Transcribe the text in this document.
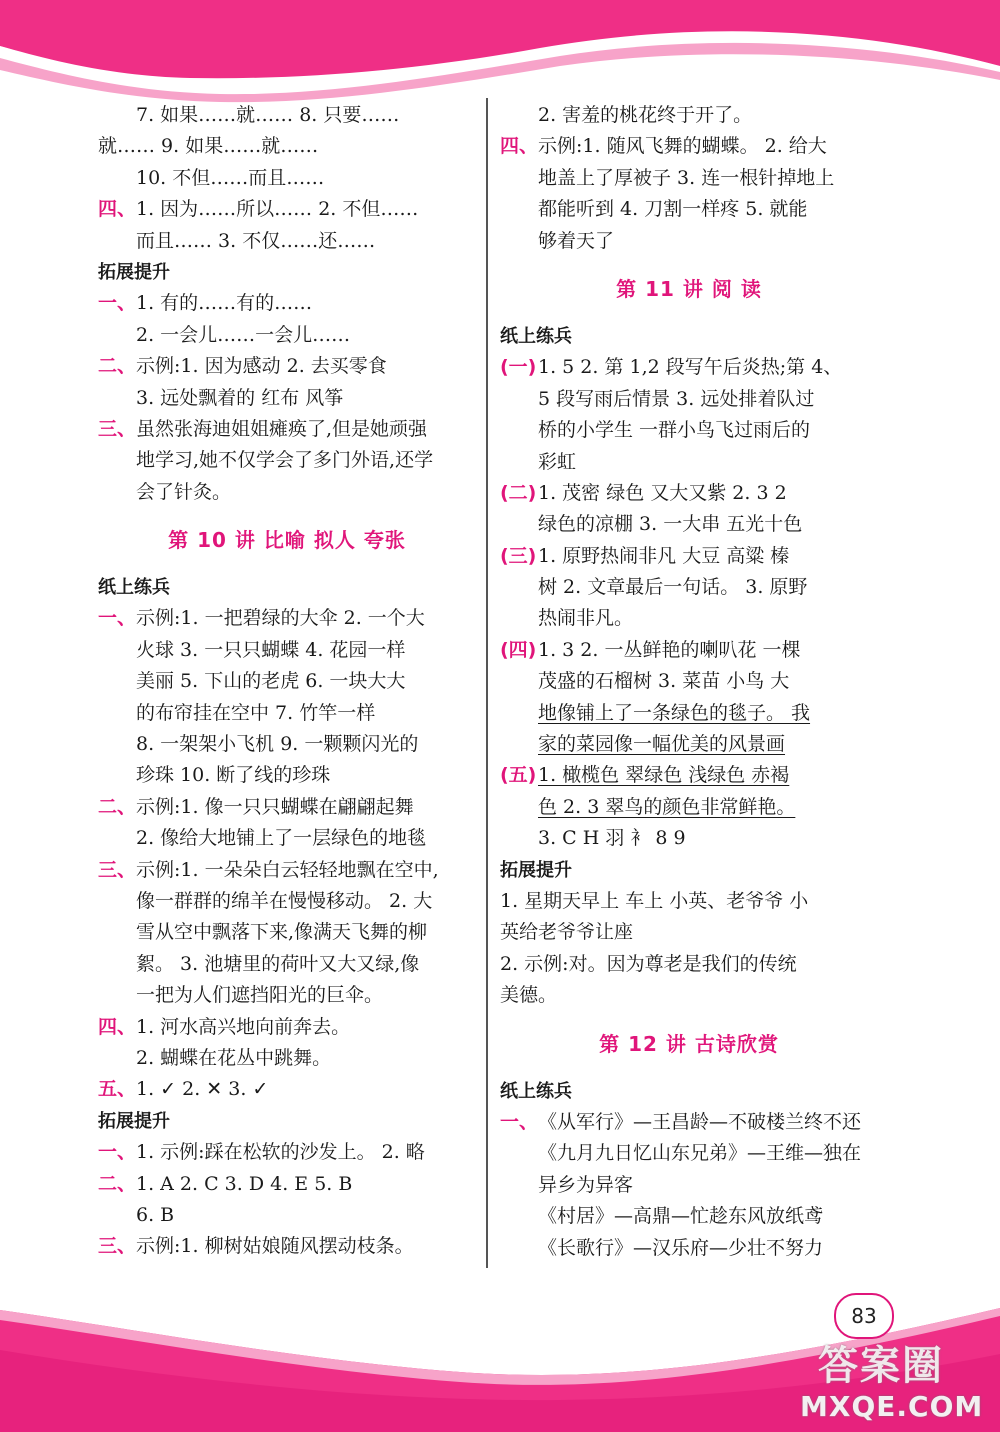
7. 如果……就…… 8. 只要……
就…… 9. 如果……就……
10. 不但……而且……
四、 1. 因为……所以…… 2. 不但……
而且…… 3. 不仅……还……
拓展提升
一、 1. 有的……有的……
2. 一会儿……一会儿……
二、 示例:1. 因为感动 2. 去买零食
3. 远处飘着的 红布 风筝
三、 虽然张海迪姐姐瘫痪了,但是她顽强
地学习,她不仅学会了多门外语,还学
会了针灸。
第 10 讲 比喻 拟人 夸张
纸上练兵
一、 示例:1. 一把碧绿的大伞 2. 一个大
火球 3. 一只只蝴蝶 4. 花园一样
美丽 5. 下山的老虎 6. 一块大大
的布帘挂在空中 7. 竹竿一样
8. 一架架小飞机 9. 一颗颗闪光的
珍珠 10. 断了线的珍珠
二、 示例:1. 像一只只蝴蝶在翩翩起舞
2. 像给大地铺上了一层绿色的地毯
三、 示例:1. 一朵朵白云轻轻地飘在空中,
像一群群的绵羊在慢慢移动。 2. 大
雪从空中飘落下来,像满天飞舞的柳
絮。 3. 池塘里的荷叶又大又绿,像
一把为人们遮挡阳光的巨伞。
四、 1. 河水高兴地向前奔去。
2. 蝴蝶在花丛中跳舞。
五、 1. ✓ 2. ✕ 3. ✓
拓展提升
一、 1. 示例:踩在松软的沙发上。 2. 略
二、 1. A 2. C 3. D 4. E 5. B
6. B
三、 示例:1. 柳树姑娘随风摆动枝条。
2. 害羞的桃花终于开了。
四、 示例:1. 随风飞舞的蝴蝶。 2. 给大
地盖上了厚被子 3. 连一根针掉地上
都能听到 4. 刀割一样疼 5. 就能
够着天了
第 11 讲 阅 读
纸上练兵
(一) 1. 5 2. 第 1,2 段写午后炎热;第 4、
5 段写雨后情景 3. 远处排着队过
桥的小学生 一群小鸟飞过雨后的
彩虹
(二) 1. 茂密 绿色 又大又紫 2. 3 2
绿色的凉棚 3. 一大串 五光十色
(三) 1. 原野热闹非凡 大豆 高粱 榛
树 2. 文章最后一句话。 3. 原野
热闹非凡。
(四) 1. 3 2. 一丛鲜艳的喇叭花 一棵
茂盛的石榴树 3. 菜苗 小鸟 大
地像铺上了一条绿色的毯子。 我
家的菜园像一幅优美的风景画
(五) 1. 橄榄色 翠绿色 浅绿色 赤褐
色 2. 3 翠鸟的颜色非常鲜艳。
3. C H 羽 衤 8 9
拓展提升
1. 星期天早上 车上 小英、老爷爷 小
英给老爷爷让座
2. 示例:对。因为尊老是我们的传统
美德。
第 12 讲 古诗欣赏
纸上练兵
一、 《从军行》—王昌龄—不破楼兰终不还
《九月九日忆山东兄弟》—王维—独在
异乡为异客
《村居》—高鼎—忙趁东风放纸鸢
《长歌行》—汉乐府—少壮不努力
83
答案圈
MXQE.COM
